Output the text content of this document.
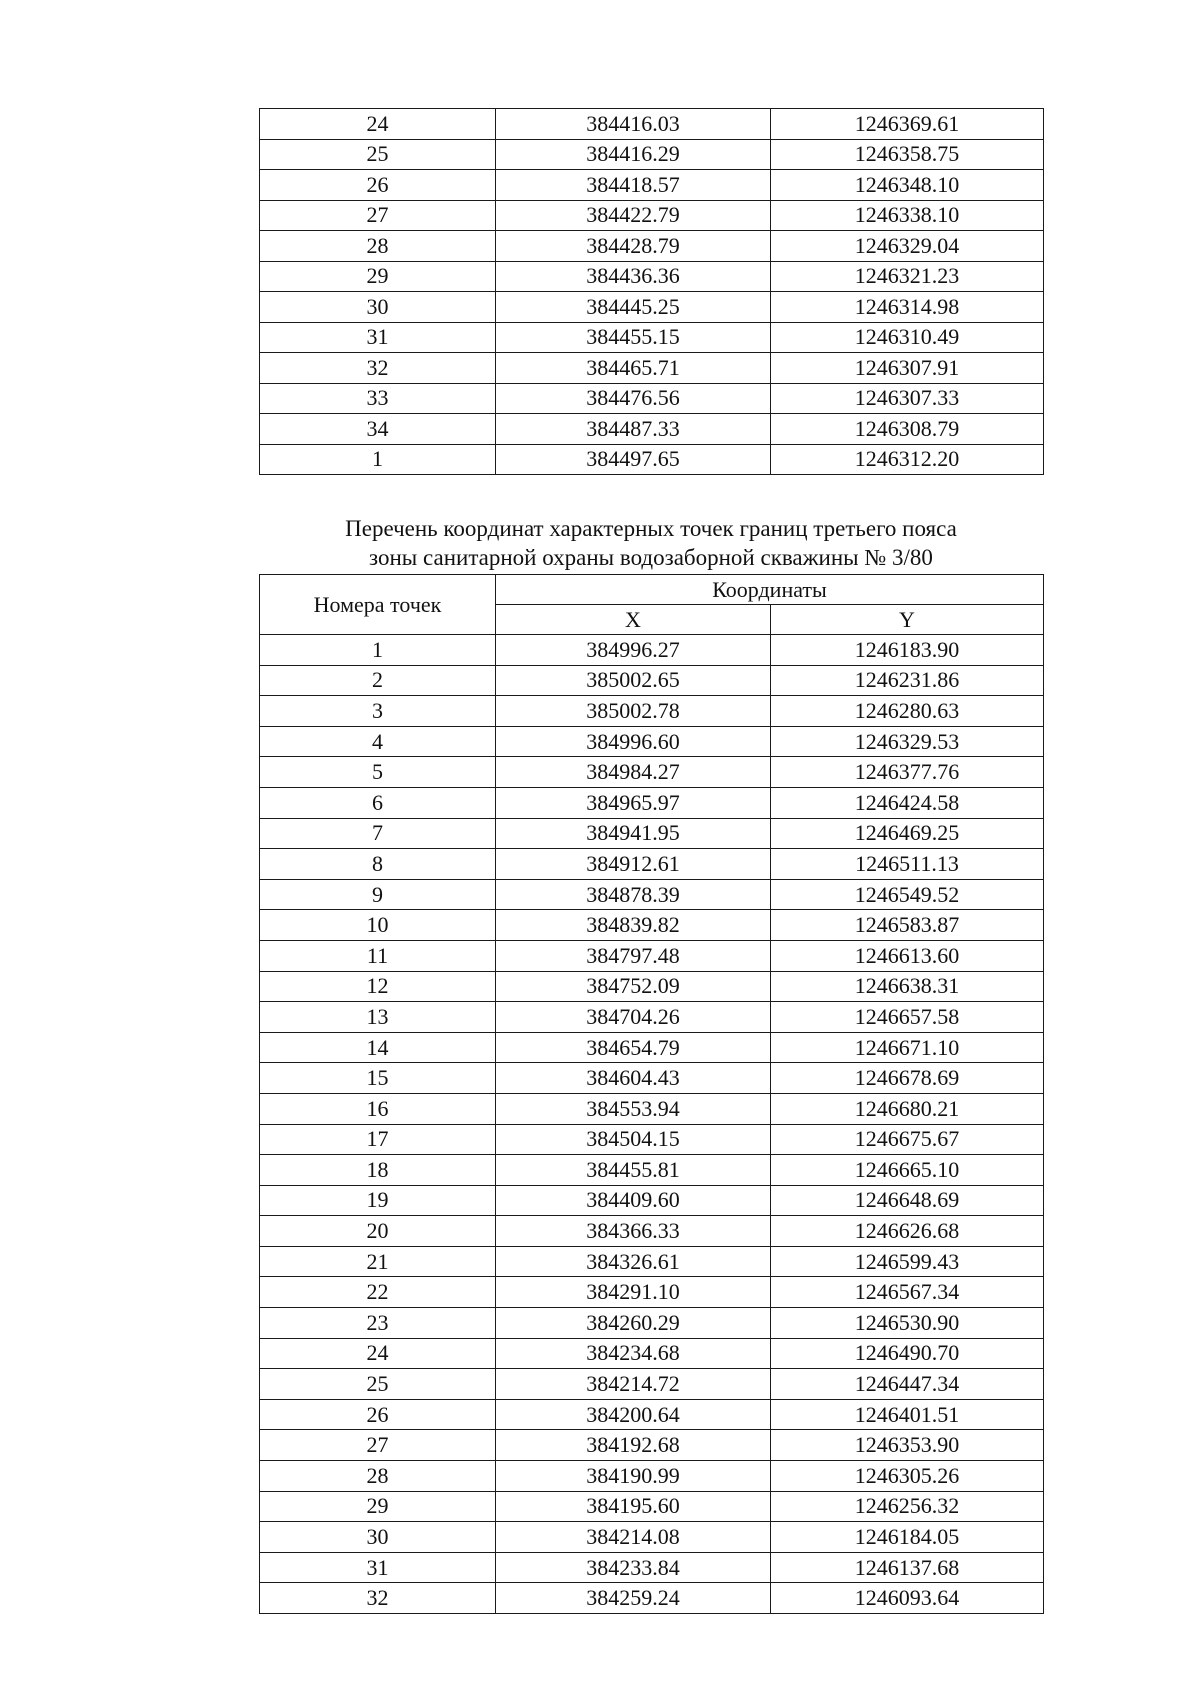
24	384416.03	1246369.61
25	384416.29	1246358.75
26	384418.57	1246348.10
27	384422.79	1246338.10
28	384428.79	1246329.04
29	384436.36	1246321.23
30	384445.25	1246314.98
31	384455.15	1246310.49
32	384465.71	1246307.91
33	384476.56	1246307.33
34	384487.33	1246308.79
1	384497.65	1246312.20
Перечень координат характерных точек границ третьего пояса
зоны санитарной охраны водозаборной скважины № 3/80
Номера точек	Координаты	
	X	Y
1	384996.27	1246183.90
2	385002.65	1246231.86
3	385002.78	1246280.63
4	384996.60	1246329.53
5	384984.27	1246377.76
6	384965.97	1246424.58
7	384941.95	1246469.25
8	384912.61	1246511.13
9	384878.39	1246549.52
10	384839.82	1246583.87
11	384797.48	1246613.60
12	384752.09	1246638.31
13	384704.26	1246657.58
14	384654.79	1246671.10
15	384604.43	1246678.69
16	384553.94	1246680.21
17	384504.15	1246675.67
18	384455.81	1246665.10
19	384409.60	1246648.69
20	384366.33	1246626.68
21	384326.61	1246599.43
22	384291.10	1246567.34
23	384260.29	1246530.90
24	384234.68	1246490.70
25	384214.72	1246447.34
26	384200.64	1246401.51
27	384192.68	1246353.90
28	384190.99	1246305.26
29	384195.60	1246256.32
30	384214.08	1246184.05
31	384233.84	1246137.68
32	384259.24	1246093.64
